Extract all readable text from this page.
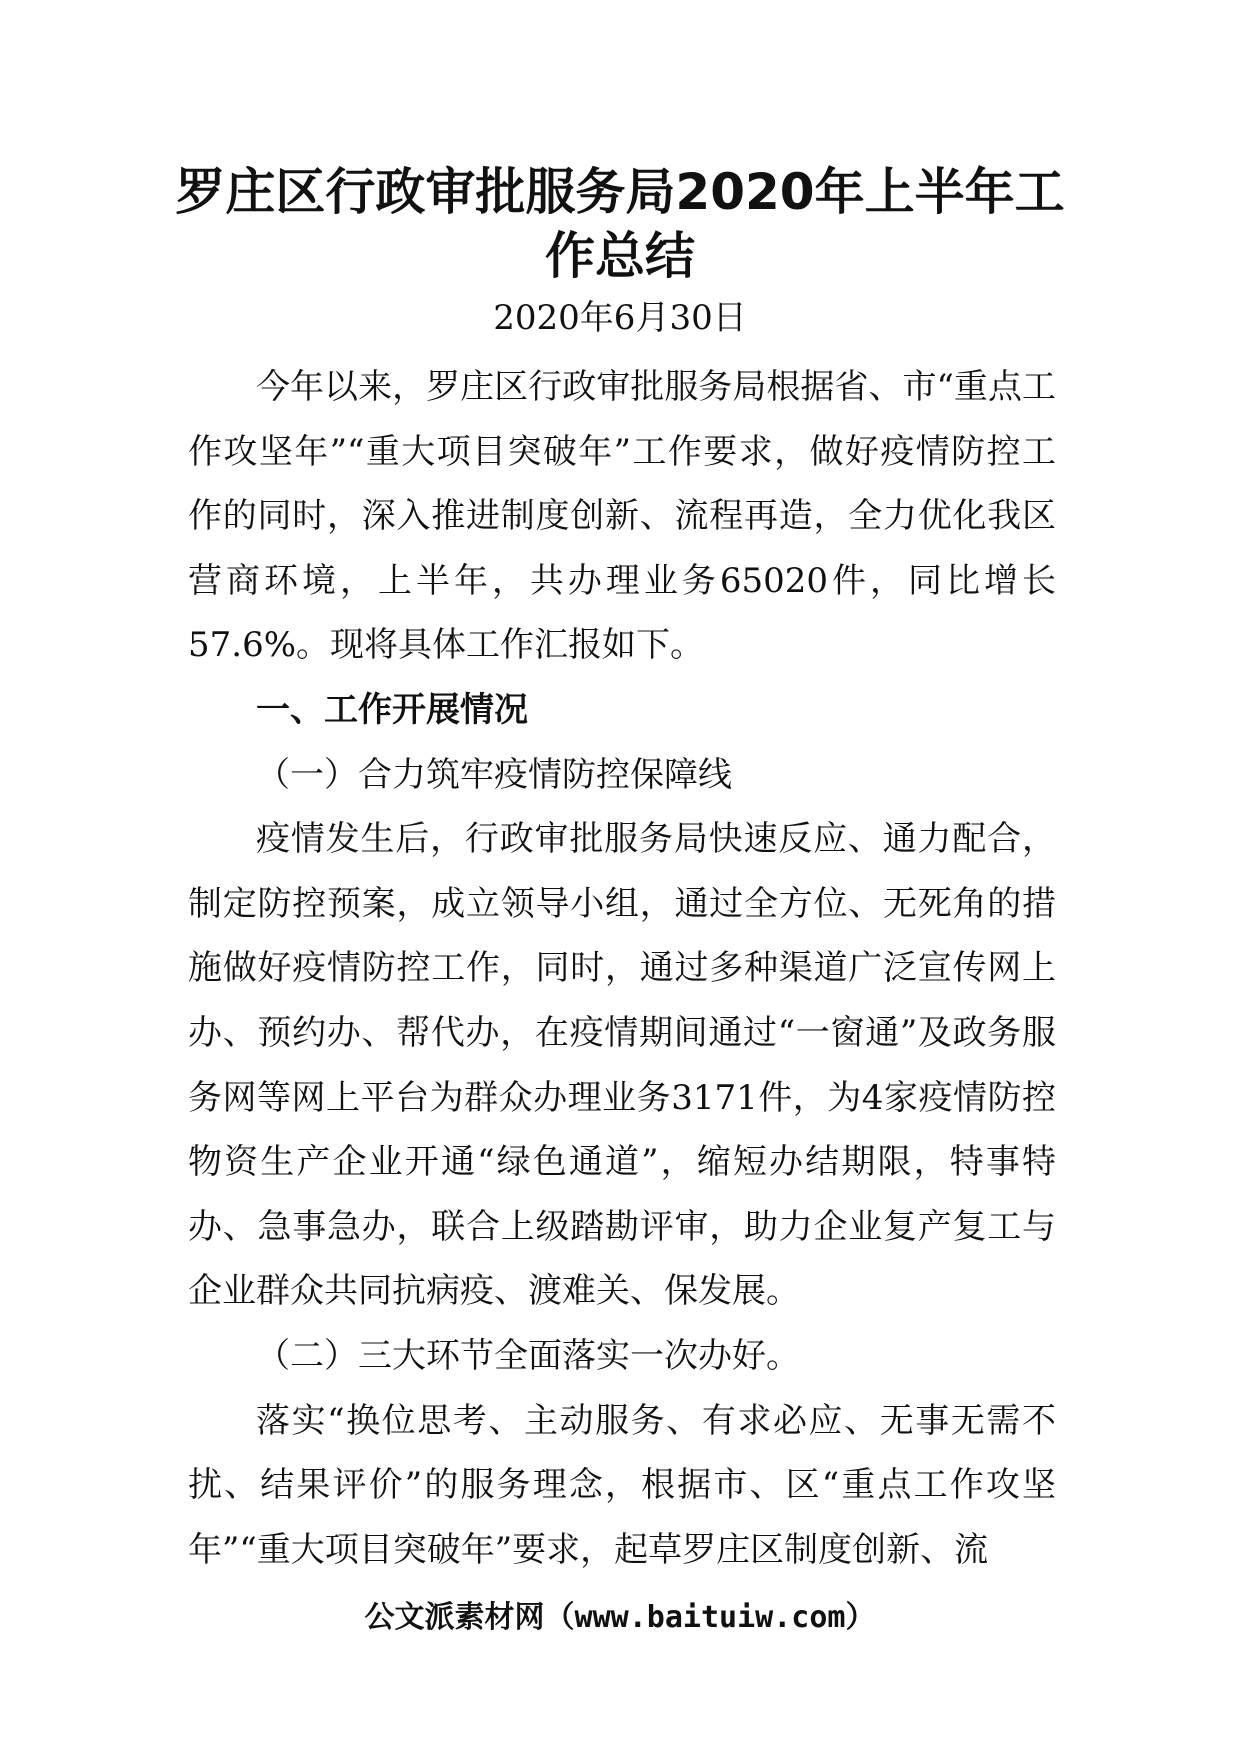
罗庄区行政审批服务局2020年上半年工作总结
2020年6月30日

今年以来，罗庄区行政审批服务局根据省、市“重点工作攻坚年”“重大项目突破年”工作要求，做好疫情防控工作的同时，深入推进制度创新、流程再造，全力优化我区营商环境，上半年，共办理业务65020件，同比增长57.6%。现将具体工作汇报如下。

一、工作开展情况

（一）合力筑牢疫情防控保障线

疫情发生后，行政审批服务局快速反应、通力配合，制定防控预案，成立领导小组，通过全方位、无死角的措施做好疫情防控工作，同时，通过多种渠道广泛宣传网上办、预约办、帮代办，在疫情期间通过“一窗通”及政务服务网等网上平台为群众办理业务3171件，为4家疫情防控物资生产企业开通“绿色通道”，缩短办结期限，特事特办、急事急办，联合上级踏勘评审，助力企业复产复工与企业群众共同抗病疫、渡难关、保发展。

（二）三大环节全面落实一次办好。

落实“换位思考、主动服务、有求必应、无事无需不扰、结果评价”的服务理念，根据市、区“重点工作攻坚年”“重大项目突破年”要求，起草罗庄区制度创新、流

公文派素材网（www.baituiw.com）
